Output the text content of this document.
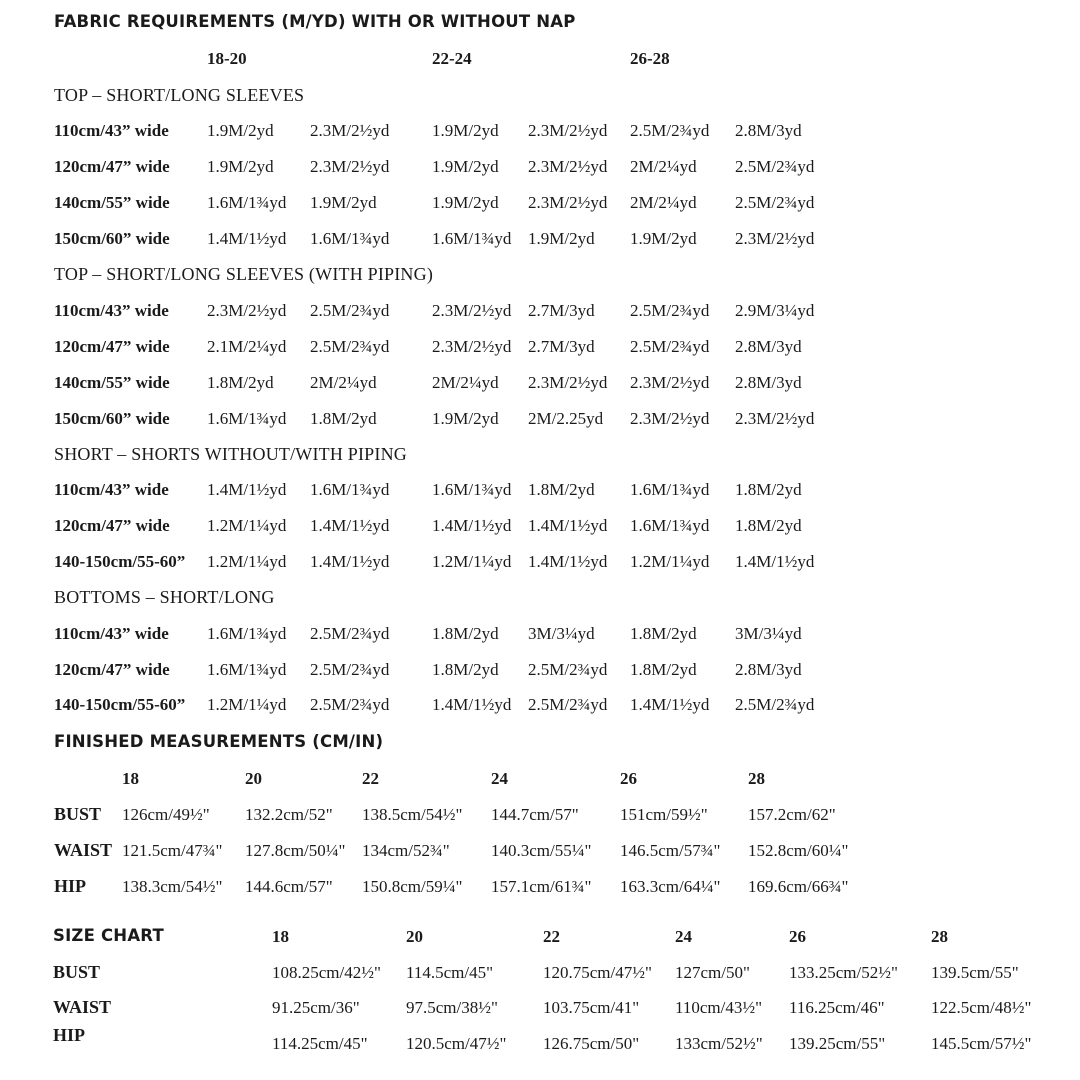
FABRIC REQUIREMENTS (M/YD) WITH OR WITHOUT NAP
18-20	22-24	26-28
TOP – SHORT/LONG SLEEVES
110cm/43” wide 1.9M/2yd 2.3M/2½yd	1.9M/2yd 2.3M/2½yd 2.5M/2¾yd 2.8M/3yd
120cm/47” wide 1.9M/2yd 2.3M/2½yd	1.9M/2yd 2.3M/2½yd 2M/2¼yd 2.5M/2¾yd
140cm/55” wide 1.6M/1¾yd 1.9M/2yd	1.9M/2yd 2.3M/2½yd 2M/2¼yd 2.5M/2¾yd
150cm/60” wide 1.4M/1½yd 1.6M/1¾yd	1.6M/1¾yd 1.9M/2yd 1.9M/2yd 2.3M/2½yd
TOP – SHORT/LONG SLEEVES (WITH PIPING)
110cm/43” wide 2.3M/2½yd 2.5M/2¾yd	2.3M/2½yd 2.7M/3yd 2.5M/2¾yd 2.9M/3¼yd
120cm/47” wide 2.1M/2¼yd 2.5M/2¾yd	2.3M/2½yd 2.7M/3yd 2.5M/2¾yd 2.8M/3yd
140cm/55” wide 1.8M/2yd 2M/2¼yd	2M/2¼yd 2.3M/2½yd 2.3M/2½yd 2.8M/3yd
150cm/60” wide 1.6M/1¾yd 1.8M/2yd	1.9M/2yd 2M/2.25yd 2.3M/2½yd 2.3M/2½yd
SHORT – SHORTS WITHOUT/WITH PIPING
110cm/43” wide 1.4M/1½yd 1.6M/1¾yd	1.6M/1¾yd 1.8M/2yd 1.6M/1¾yd 1.8M/2yd
120cm/47” wide 1.2M/1¼yd 1.4M/1½yd	1.4M/1½yd 1.4M/1½yd 1.6M/1¾yd 1.8M/2yd
140-150cm/55-60” 1.2M/1¼yd 1.4M/1½yd	1.2M/1¼yd 1.4M/1½yd 1.2M/1¼yd 1.4M/1½yd
BOTTOMS – SHORT/LONG
110cm/43” wide 1.6M/1¾yd 2.5M/2¾yd	1.8M/2yd 3M/3¼yd 1.8M/2yd 3M/3¼yd
120cm/47” wide 1.6M/1¾yd 2.5M/2¾yd	1.8M/2yd 2.5M/2¾yd 1.8M/2yd 2.8M/3yd
140-150cm/55-60” 1.2M/1¼yd 2.5M/2¾yd	1.4M/1½yd 2.5M/2¾yd 1.4M/1½yd 2.5M/2¾yd
FINISHED MEASUREMENTS (CM/IN)
18	20	22	24	26	28
BUST 126cm/49½" 132.2cm/52" 138.5cm/54½" 144.7cm/57" 151cm/59½" 157.2cm/62"
WAIST 121.5cm/47¾" 127.8cm/50¼" 134cm/52¾" 140.3cm/55¼" 146.5cm/57¾" 152.8cm/60¼"
HIP 138.3cm/54½" 144.6cm/57" 150.8cm/59¼" 157.1cm/61¾" 163.3cm/64¼" 169.6cm/66¾"
SIZE CHART	18	20	22	24	26	28
BUST	108.25cm/42½" 114.5cm/45"	120.75cm/47½" 127cm/50" 133.25cm/52½" 139.5cm/55"
WAIST	91.25cm/36"	97.5cm/38½"	103.75cm/41" 110cm/43½" 116.25cm/46"	122.5cm/48½"
HIP	114.25cm/45" 120.5cm/47½" 126.75cm/50" 133cm/52½" 139.25cm/55"	145.5cm/57½"
